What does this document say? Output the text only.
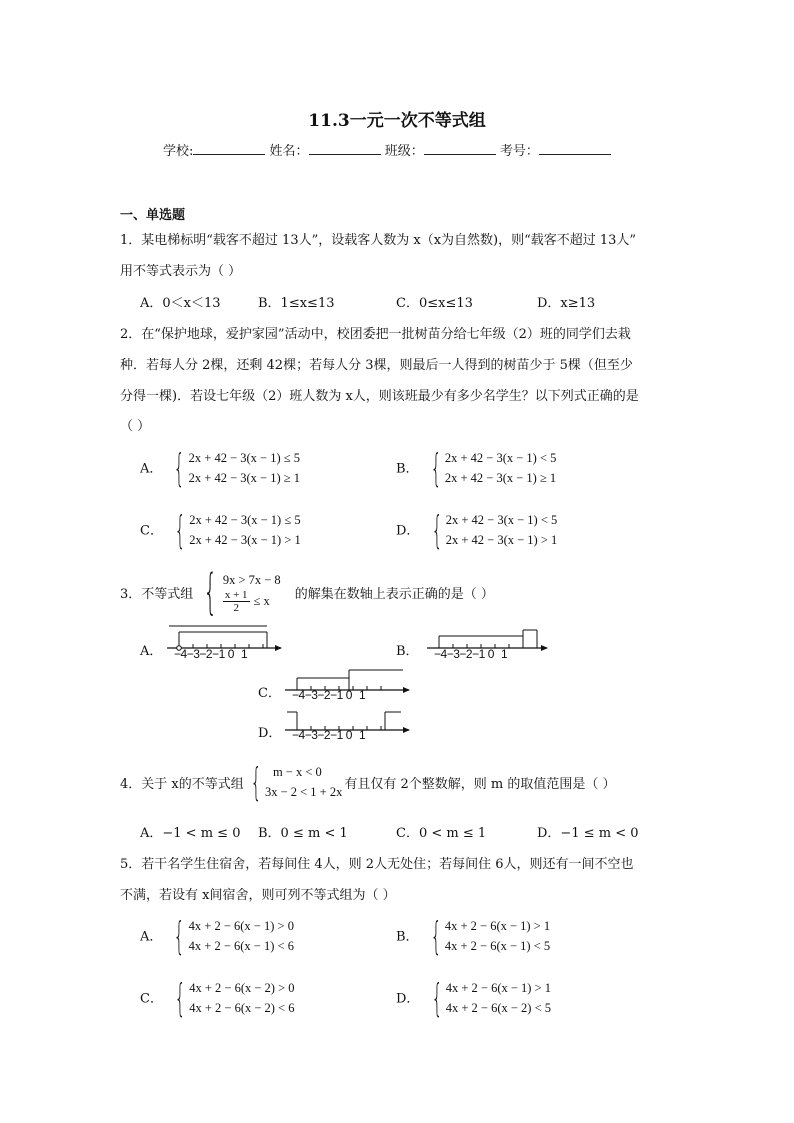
11.3一元一次不等式组
学校:	姓名：	班级：	考号：
一、单选题
1．某电梯标明“载客不超过 13人”，设载客人数为 x（x为自然数)，则“载客不超过 13人”
用不等式表示为（ ）
A．0＜x＜13	B．1≤x≤13	C．0≤x≤13	D．x≥13
2．在“保护地球，爱护家园”活动中，校团委把一批树苗分给七年级（2）班的同学们去栽
种．若每人分 2棵，还剩 42棵；若每人分 3棵，则最后一人得到的树苗少于 5棵（但至少
分得一棵)．若设七年级（2）班人数为 x人，则该班最少有多少名学生？以下列式正确的是
（ ）
A． { 2x + 42 − 3(x − 1) ≤ 5
2x + 42 − 3(x − 1) ≥ 1
B． { 2x + 42 − 3(x − 1) < 5
2x + 42 − 3(x − 1) ≥ 1
C． { 2x + 42 − 3(x − 1) ≤ 5
2x + 42 − 3(x − 1) > 1
D． { 2x + 42 − 3(x − 1) < 5
2x + 42 − 3(x − 1) > 1
3．不等式组 { 9x > 7x − 8
$\frac{x + 1}{2} \le x$ 的解集在数轴上表示正确的是（ ）
A．	B．
C．
D．
−4−3−2−1 0 1	−4−3−2−1 0 1
−4−3−2−1 0 1
−4−3−2−1 0 1
4．关于 x的不等式组 { m − x < 0
3x − 2 < 1 + 2x
有且仅有 2个整数解，则 m 的取值范围是（ ）
A．−1 < m ≤ 0 B．0 ≤ m < 1	C．0 < m ≤ 1	D．−1 ≤ m < 0
5．若干名学生住宿舍，若每间住 4人，则 2人无处住；若每间住 6人，则还有一间不空也
不满，若设有 x间宿舍，则可列不等式组为（ ）
A． { 4x + 2 − 6(x − 1) > 0
4x + 2 − 6(x − 1) < 6
B． { 4x + 2 − 6(x − 1) > 1
4x + 2 − 6(x − 1) < 5
C． { 4x + 2 − 6(x − 2) > 0
4x + 2 − 6(x − 2) < 6
D． { 4x + 2 − 6(x − 1) > 1
4x + 2 − 6(x − 2) < 5
